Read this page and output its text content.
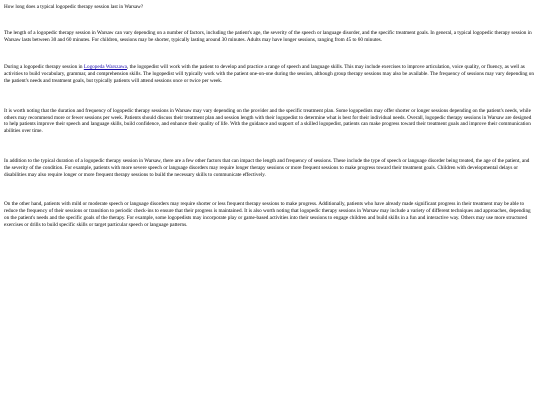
How long does a typical logopedic therapy session last in Warsaw?

The length of a logopedic therapy session in Warsaw can vary depending on a number of factors, including the patient's age, the severity of the speech or language disorder, and the specific treatment goals. In general, a typical logopedic therapy session in Warsaw lasts between 30 and 60 minutes. For children, sessions may be shorter, typically lasting around 30 minutes. Adults may have longer sessions, ranging from 45 to 60 minutes.

During a logopedic therapy session in Logopeda Warszawa, the logopedist will work with the patient to develop and practice a range of speech and language skills. This may include exercises to improve articulation, voice quality, or fluency, as well as activities to build vocabulary, grammar, and comprehension skills. The logopedist will typically work with the patient one-on-one during the session, although group therapy sessions may also be available. The frequency of sessions may vary depending on the patient's needs and treatment goals, but typically patients will attend sessions once or twice per week.

It is worth noting that the duration and frequency of logopedic therapy sessions in Warsaw may vary depending on the provider and the specific treatment plan. Some logopedists may offer shorter or longer sessions depending on the patient's needs, while others may recommend more or fewer sessions per week. Patients should discuss their treatment plan and session length with their logopedist to determine what is best for their individual needs. Overall, logopedic therapy sessions in Warsaw are designed to help patients improve their speech and language skills, build confidence, and enhance their quality of life. With the guidance and support of a skilled logopedist, patients can make progress toward their treatment goals and improve their communication abilities over time.

In addition to the typical duration of a logopedic therapy session in Warsaw, there are a few other factors that can impact the length and frequency of sessions. These include the type of speech or language disorder being treated, the age of the patient, and the severity of the condition. For example, patients with more severe speech or language disorders may require longer therapy sessions or more frequent sessions to make progress toward their treatment goals. Children with developmental delays or disabilities may also require longer or more frequent therapy sessions to build the necessary skills to communicate effectively.

On the other hand, patients with mild or moderate speech or language disorders may require shorter or less frequent therapy sessions to make progress. Additionally, patients who have already made significant progress in their treatment may be able to reduce the frequency of their sessions or transition to periodic check-ins to ensure that their progress is maintained. It is also worth noting that logopedic therapy sessions in Warsaw may include a variety of different techniques and approaches, depending on the patient's needs and the specific goals of the therapy. For example, some logopedists may incorporate play or game-based activities into their sessions to engage children and build skills in a fun and interactive way. Others may use more structured exercises or drills to build specific skills or target particular speech or language patterns.
